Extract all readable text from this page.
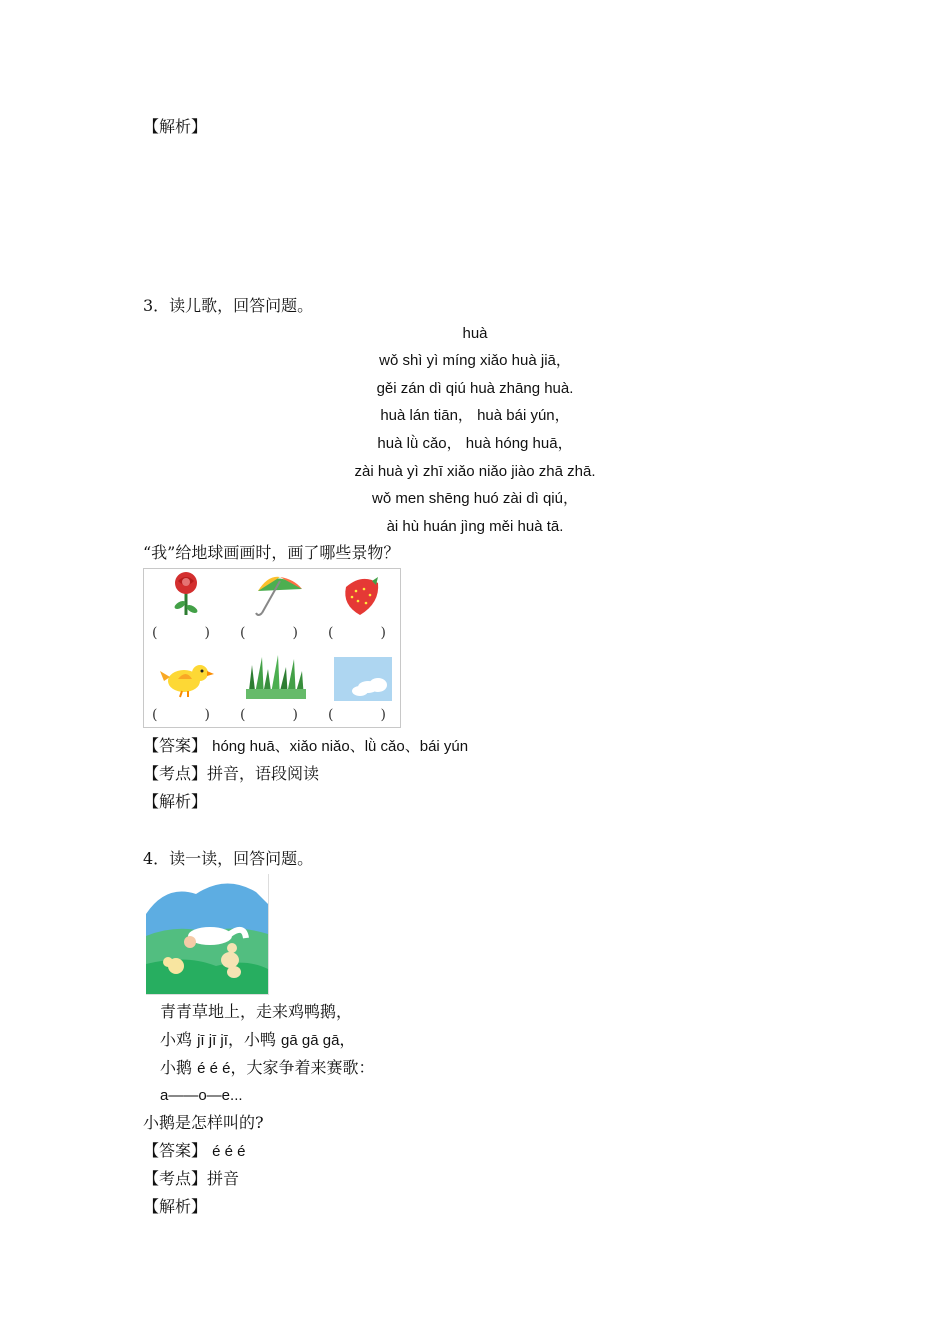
【解析】
3．读儿歌，回答问题。
huà
wǒ shì yì míng xiǎo huà jiā，
gěi zán dì qiú huà zhāng huà.
huà lán tiān， huà bái yún，
huà lǜ cǎo， huà hóng huā，
zài huà yì zhī xiǎo niǎo jiào zhā zhā.
wǒ men shēng huó zài dì qiú，
ài hù huán jìng měi huà tā.
“我”给地球画画时，画了哪些景物？
(	) (	) (	)
(	) (	) (	)
【答案】 hóng huā、xiǎo niǎo、lǜ cǎo、bái yún
【考点】拼音，语段阅读
【解析】
4．读一读，回答问题。
青青草地上，走来鸡鸭鹅，
小鸡 jī jī jī，小鸭 gā gā gā，
小鹅 é é é，大家争着来赛歌：
a——o—e...
小鹅是怎样叫的?
【答案】 é é é
【考点】拼音
【解析】
